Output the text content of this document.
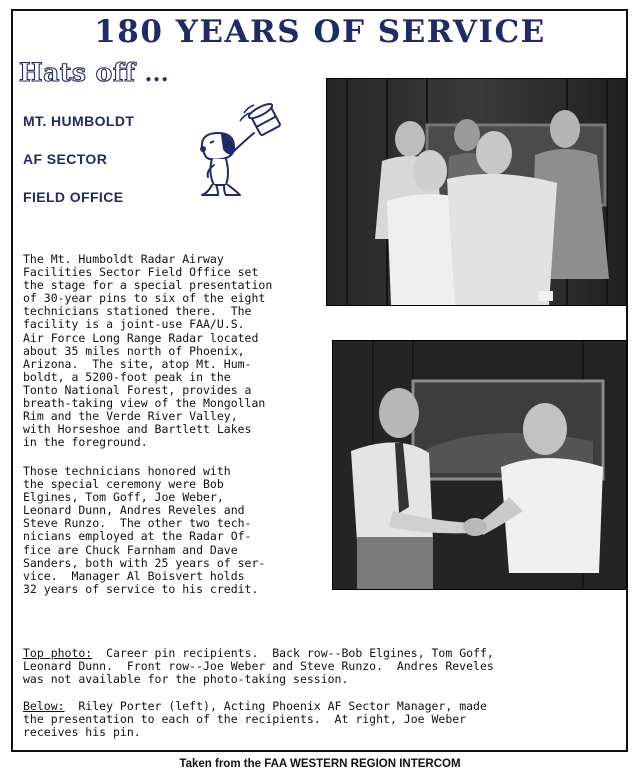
180 YEARS OF SERVICE
Hats off ...
MT. HUMBOLDT
AF SECTOR
FIELD OFFICE
The Mt. Humboldt Radar Airway
Facilities Sector Field Office set
the stage for a special presentation
of 30-year pins to six of the eight
technicians stationed there.  The
facility is a joint-use FAA/U.S.
Air Force Long Range Radar located
about 35 miles north of Phoenix,
Arizona.  The site, atop Mt. Hum-
boldt, a 5200-foot peak in the
Tonto National Forest, provides a
breath-taking view of the Mongollan
Rim and the Verde River Valley,
with Horseshoe and Bartlett Lakes
in the foreground.
Those technicians honored with
the special ceremony were Bob
Elgines, Tom Goff, Joe Weber,
Leonard Dunn, Andres Reveles and
Steve Runzo.  The other two tech-
nicians employed at the Radar Of-
fice are Chuck Farnham and Dave
Sanders, both with 25 years of ser-
vice.  Manager Al Boisvert holds
32 years of service to his credit.
Top photo:  Career pin recipients.  Back row--Bob Elgines, Tom Goff,
Leonard Dunn.  Front row--Joe Weber and Steve Runzo.  Andres Reveles
was not available for the photo-taking session.
Below:  Riley Porter (left), Acting Phoenix AF Sector Manager, made
the presentation to each of the recipients.  At right, Joe Weber
receives his pin.
Taken from the FAA WESTERN REGION INTERCOM
